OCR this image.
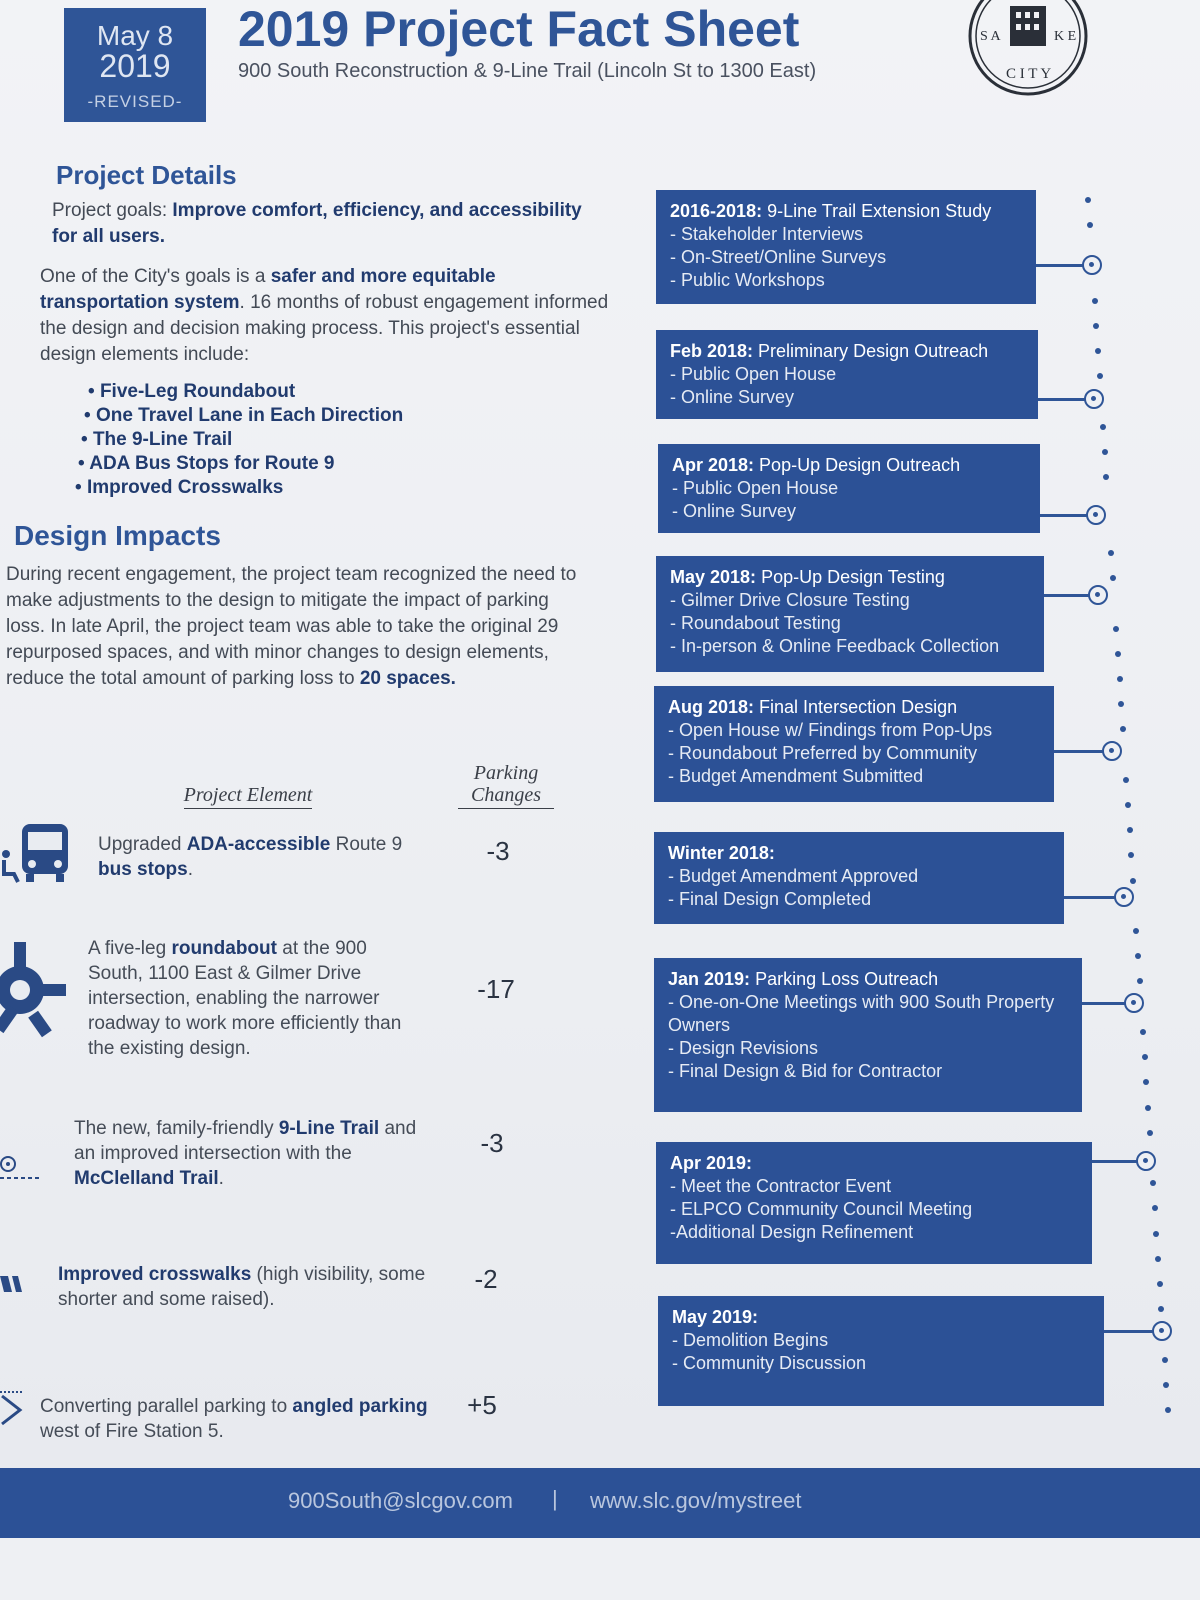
May 8
2019
-REVISED-
2019 Project Fact Sheet
900 South Reconstruction & 9-Line Trail (Lincoln St to 1300 East)
S A	K E
C I T Y
Project Details
Project goals: Improve comfort, efficiency, and accessibility for all users.
One of the City's goals is a safer and more equitable transportation system. 16 months of robust engagement informed the design and decision making process. This project's essential design elements include:
• Five-Leg Roundabout
• One Travel Lane in Each Direction
• The 9-Line Trail
• ADA Bus Stops for Route 9
• Improved Crosswalks
Design Impacts
During recent engagement, the project team recognized the need to make adjustments to the design to mitigate the impact of parking loss. In late April, the project team was able to take the original 29 repurposed spaces, and with minor changes to design elements, reduce the total amount of parking loss to 20 spaces.
Project Element
Parking
Changes
Upgraded ADA-accessible Route 9 bus stops.
-3
A five-leg roundabout at the 900 South, 1100 East & Gilmer Drive intersection, enabling the narrower roadway to work more efficiently than the existing design.
-17
The new, family-friendly 9-Line Trail and an improved intersection with the McClelland Trail.
-3
Improved crosswalks (high visibility, some shorter and some raised).
-2
Converting parallel parking to angled parking west of Fire Station 5.
+5
2016-2018: 9-Line Trail Extension Study
- Stakeholder Interviews
- On-Street/Online Surveys
- Public Workshops
Feb 2018: Preliminary Design Outreach
- Public Open House
- Online Survey
Apr 2018: Pop-Up Design Outreach
- Public Open House
- Online Survey
May 2018: Pop-Up Design Testing
- Gilmer Drive Closure Testing
- Roundabout Testing
- In-person & Online Feedback Collection
Aug 2018: Final Intersection Design
- Open House w/ Findings from Pop-Ups
- Roundabout Preferred by Community
- Budget Amendment Submitted
Winter 2018:
- Budget Amendment Approved
- Final Design Completed
Jan 2019: Parking Loss Outreach
- One-on-One Meetings with 900 South Property Owners
- Design Revisions
- Final Design & Bid for Contractor
Apr 2019:
- Meet the Contractor Event
- ELPCO Community Council Meeting
-Additional Design Refinement
May 2019:
- Demolition Begins
- Community Discussion
900South@slcgov.com | www.slc.gov/mystreet
